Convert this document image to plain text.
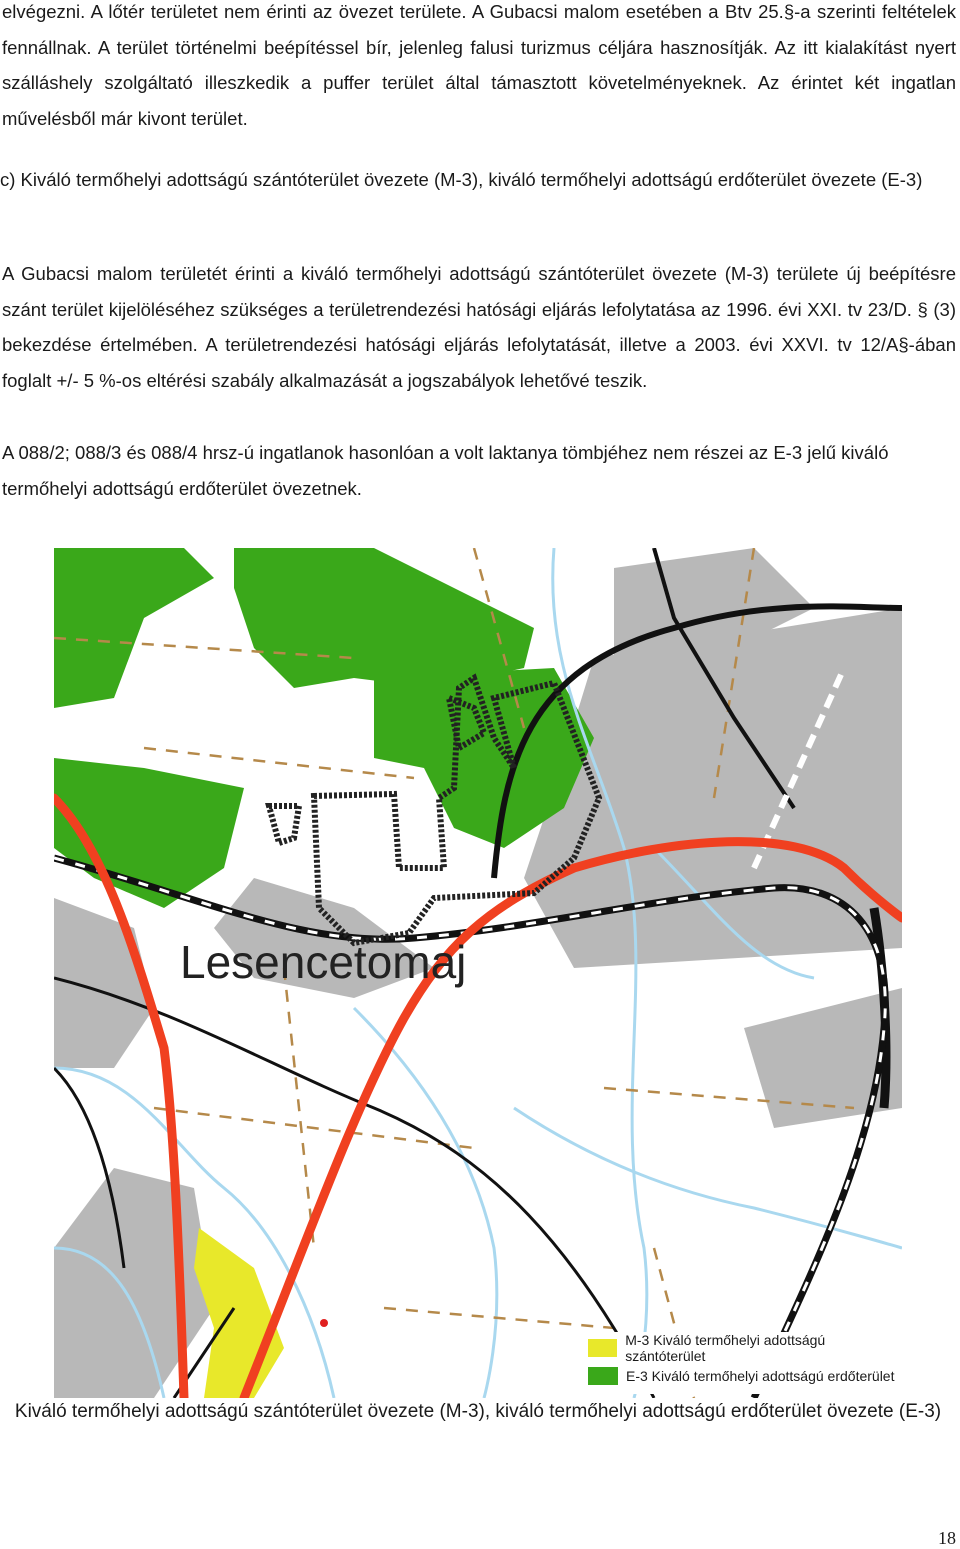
elvégezni. A lőtér területet nem érinti az övezet területe. A Gubacsi malom esetében a Btv 25.§-a szerinti feltételek fennállnak. A terület történelmi beépítéssel bír, jelenleg falusi turizmus céljára hasznosítják. Az itt kialakítást nyert szálláshely szolgáltató illeszkedik a puffer terület által támasztott követelményeknek. Az érintet két ingatlan művelésből már kivont terület.

c) Kiváló termőhelyi adottságú szántóterület övezete (M-3), kiváló termőhelyi adottságú erdőterület övezete (E-3)

A Gubacsi malom területét érinti a kiváló termőhelyi adottságú szántóterület övezete (M-3) területe új beépítésre szánt terület kijelöléséhez szükséges a területrendezési hatósági eljárás lefolytatása az 1996. évi XXI. tv 23/D. § (3) bekezdése értelmében. A területrendezési hatósági eljárás lefolytatását, illetve a 2003. évi XXVI. tv 12/A§-ában foglalt +/- 5 %-os eltérési szabály alkalmazását a jogszabályok lehetővé teszik.

A 088/2; 088/3 és 088/4 hrsz-ú ingatlanok hasonlóan a volt laktanya tömbjéhez nem részei az E-3 jelű kiváló termőhelyi adottságú erdőterület övezetnek.

Lesencetomaj
M-3 Kiváló termőhelyi adottságú szántóterület
E-3 Kiváló termőhelyi adottságú erdőterület

Kiváló termőhelyi adottságú szántóterület övezete (M-3), kiváló termőhelyi adottságú erdőterület övezete (E-3)

18
